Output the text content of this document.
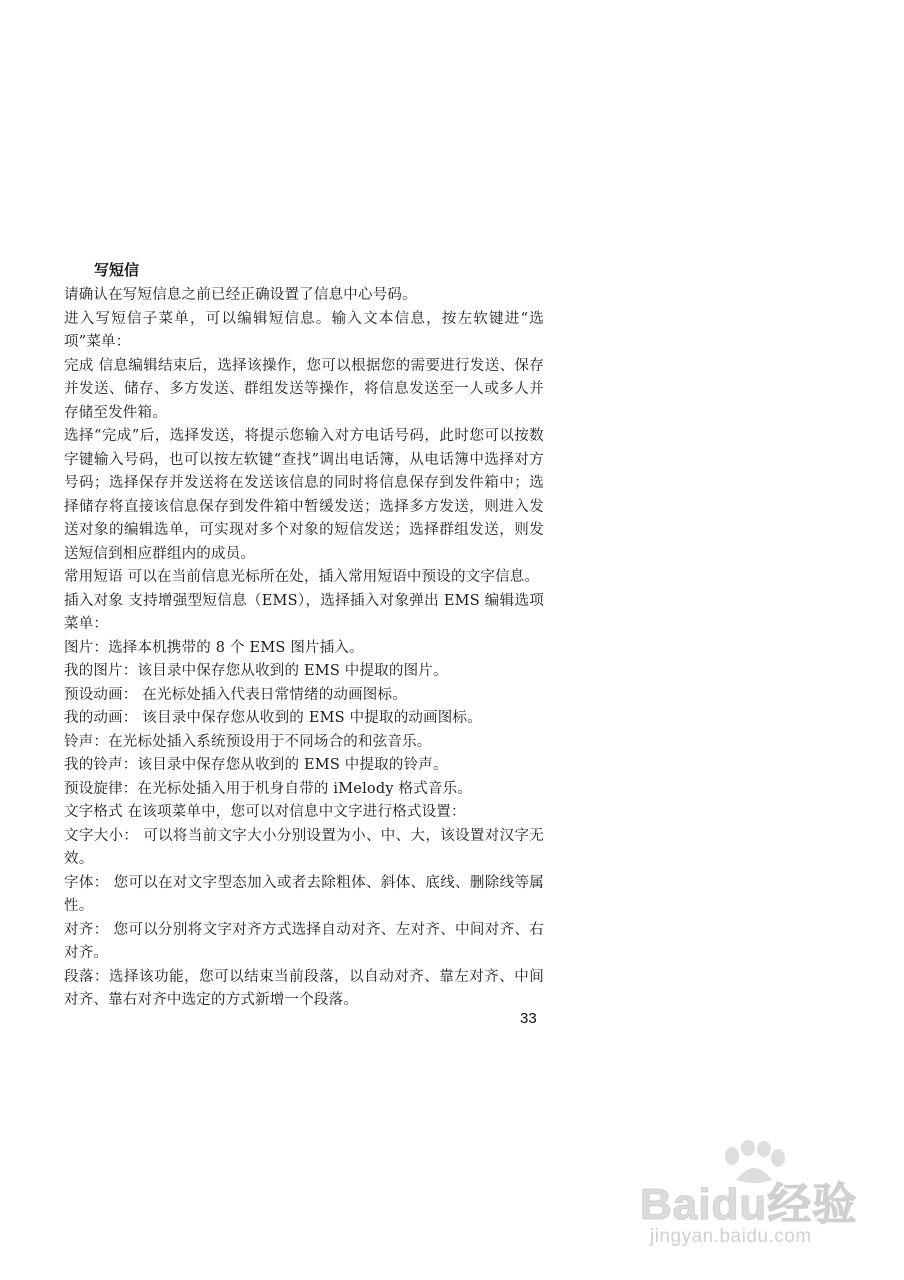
写短信

请确认在写短信息之前已经正确设置了信息中心号码。

进入写短信子菜单，可以编辑短信息。输入文本信息，按左软键进“选项”菜单：

完成 信息编辑结束后，选择该操作，您可以根据您的需要进行发送、保存并发送、储存、多方发送、群组发送等操作，将信息发送至一人或多人并存储至发件箱。

选择“完成”后，选择发送，将提示您输入对方电话号码，此时您可以按数字键输入号码，也可以按左软键“查找”调出电话簿，从电话簿中选择对方号码；选择保存并发送将在发送该信息的同时将信息保存到发件箱中；选择储存将直接该信息保存到发件箱中暂缓发送；选择多方发送，则进入发送对象的编辑选单，可实现对多个对象的短信发送；选择群组发送，则发送短信到相应群组内的成员。

常用短语 可以在当前信息光标所在处，插入常用短语中预设的文字信息。

插入对象 支持增强型短信息（EMS），选择插入对象弹出 EMS 编辑选项菜单：

图片：选择本机携带的 8 个 EMS 图片插入。

我的图片：该目录中保存您从收到的 EMS 中提取的图片。

预设动画： 在光标处插入代表日常情绪的动画图标。

我的动画： 该目录中保存您从收到的 EMS 中提取的动画图标。

铃声：在光标处插入系统预设用于不同场合的和弦音乐。

我的铃声：该目录中保存您从收到的 EMS 中提取的铃声。

预设旋律：在光标处插入用于机身自带的 iMelody 格式音乐。

文字格式 在该项菜单中，您可以对信息中文字进行格式设置：

文字大小： 可以将当前文字大小分别设置为小、中、大，该设置对汉字无效。

字体： 您可以在对文字型态加入或者去除粗体、斜体、底线、删除线等属性。

对齐： 您可以分别将文字对齐方式选择自动对齐、左对齐、中间对齐、右对齐。

段落：选择该功能，您可以结束当前段落，以自动对齐、靠左对齐、中间对齐、靠右对齐中选定的方式新增一个段落。

33
Baidu经验
jingyan.baidu.com
